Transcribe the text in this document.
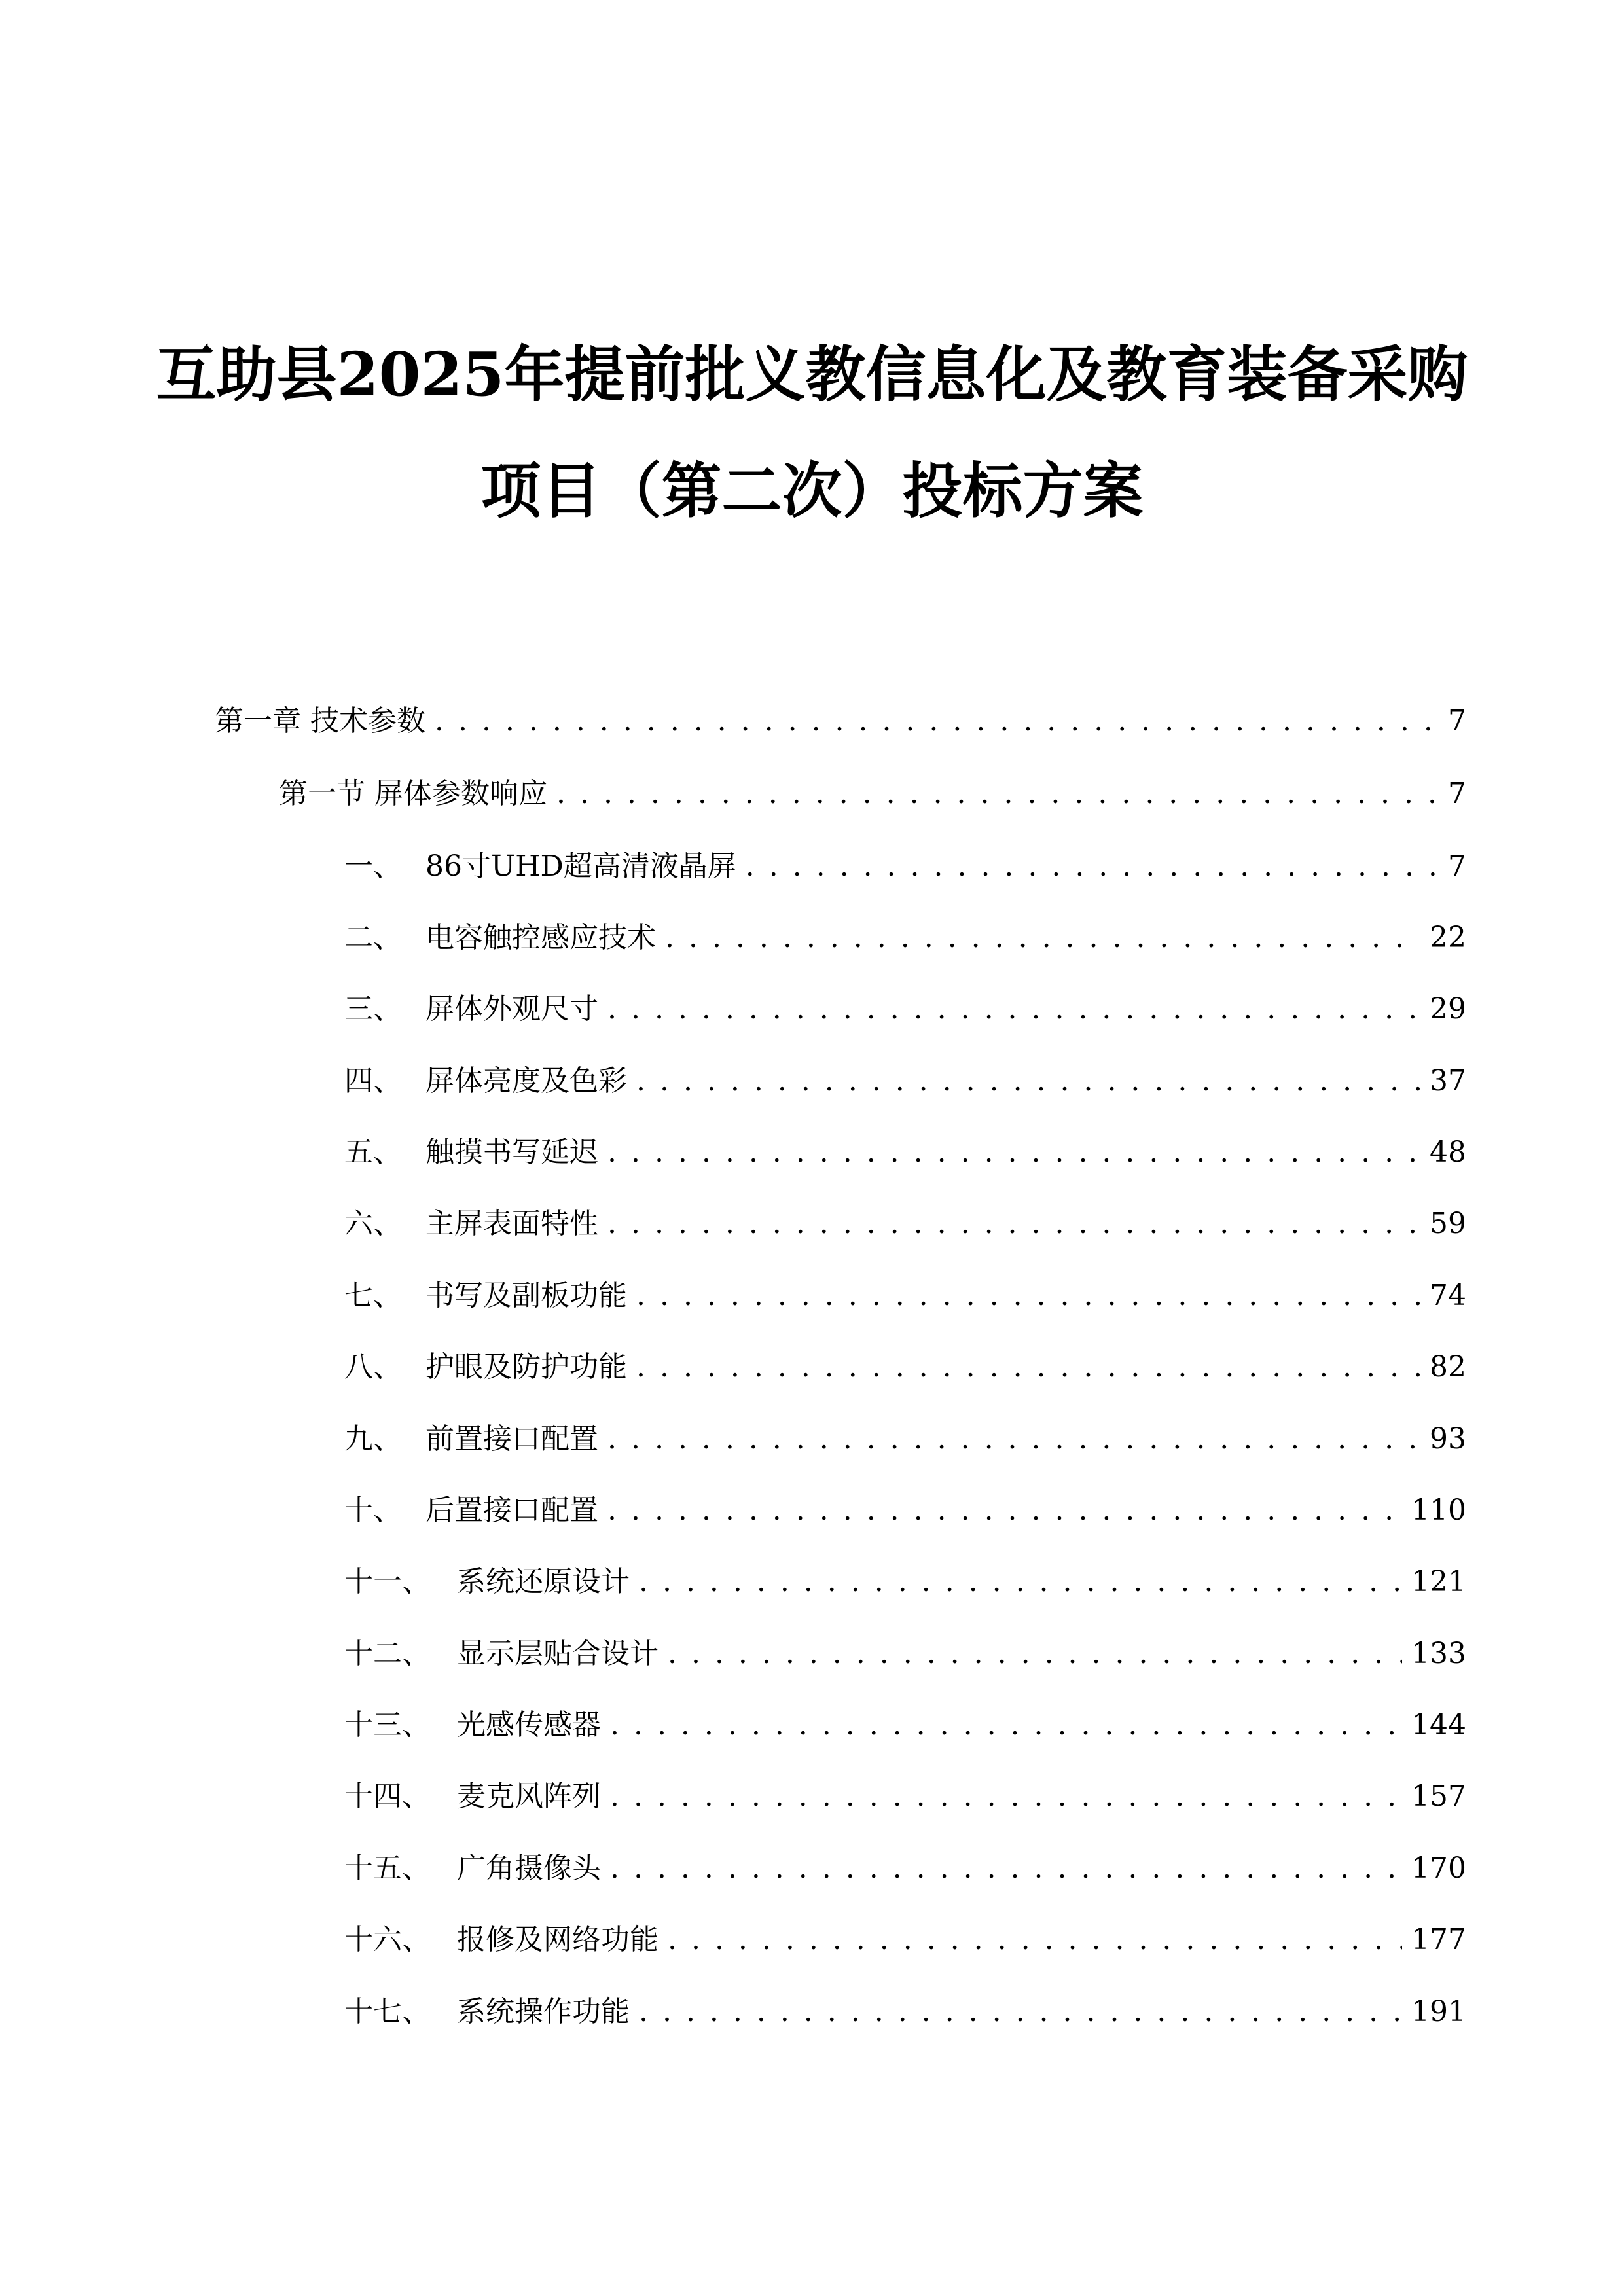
互助县2025年提前批义教信息化及教育装备采购
项目（第二次）投标方案
第一章 技术参数 . . .	7
第一节 屏体参数响应 . . .	7
一、 86寸UHD超高清液晶屏 . . .	7
二、 电容触控感应技术 . . .	22
三、 屏体外观尺寸 . . .	29
四、 屏体亮度及色彩 . . .	37
五、 触摸书写延迟 . . .	48
六、 主屏表面特性 . . .	59
七、 书写及副板功能 . . .	74
八、 护眼及防护功能 . . .	82
九、 前置接口配置 . . .	93
十、 后置接口配置 . . .	110
十一、 系统还原设计 . . .	121
十二、 显示层贴合设计 . . .	133
十三、 光感传感器 . . .	144
十四、 麦克风阵列 . . .	157
十五、 广角摄像头 . . .	170
十六、 报修及网络功能 . . .	177
十七、 系统操作功能 . . .	191
